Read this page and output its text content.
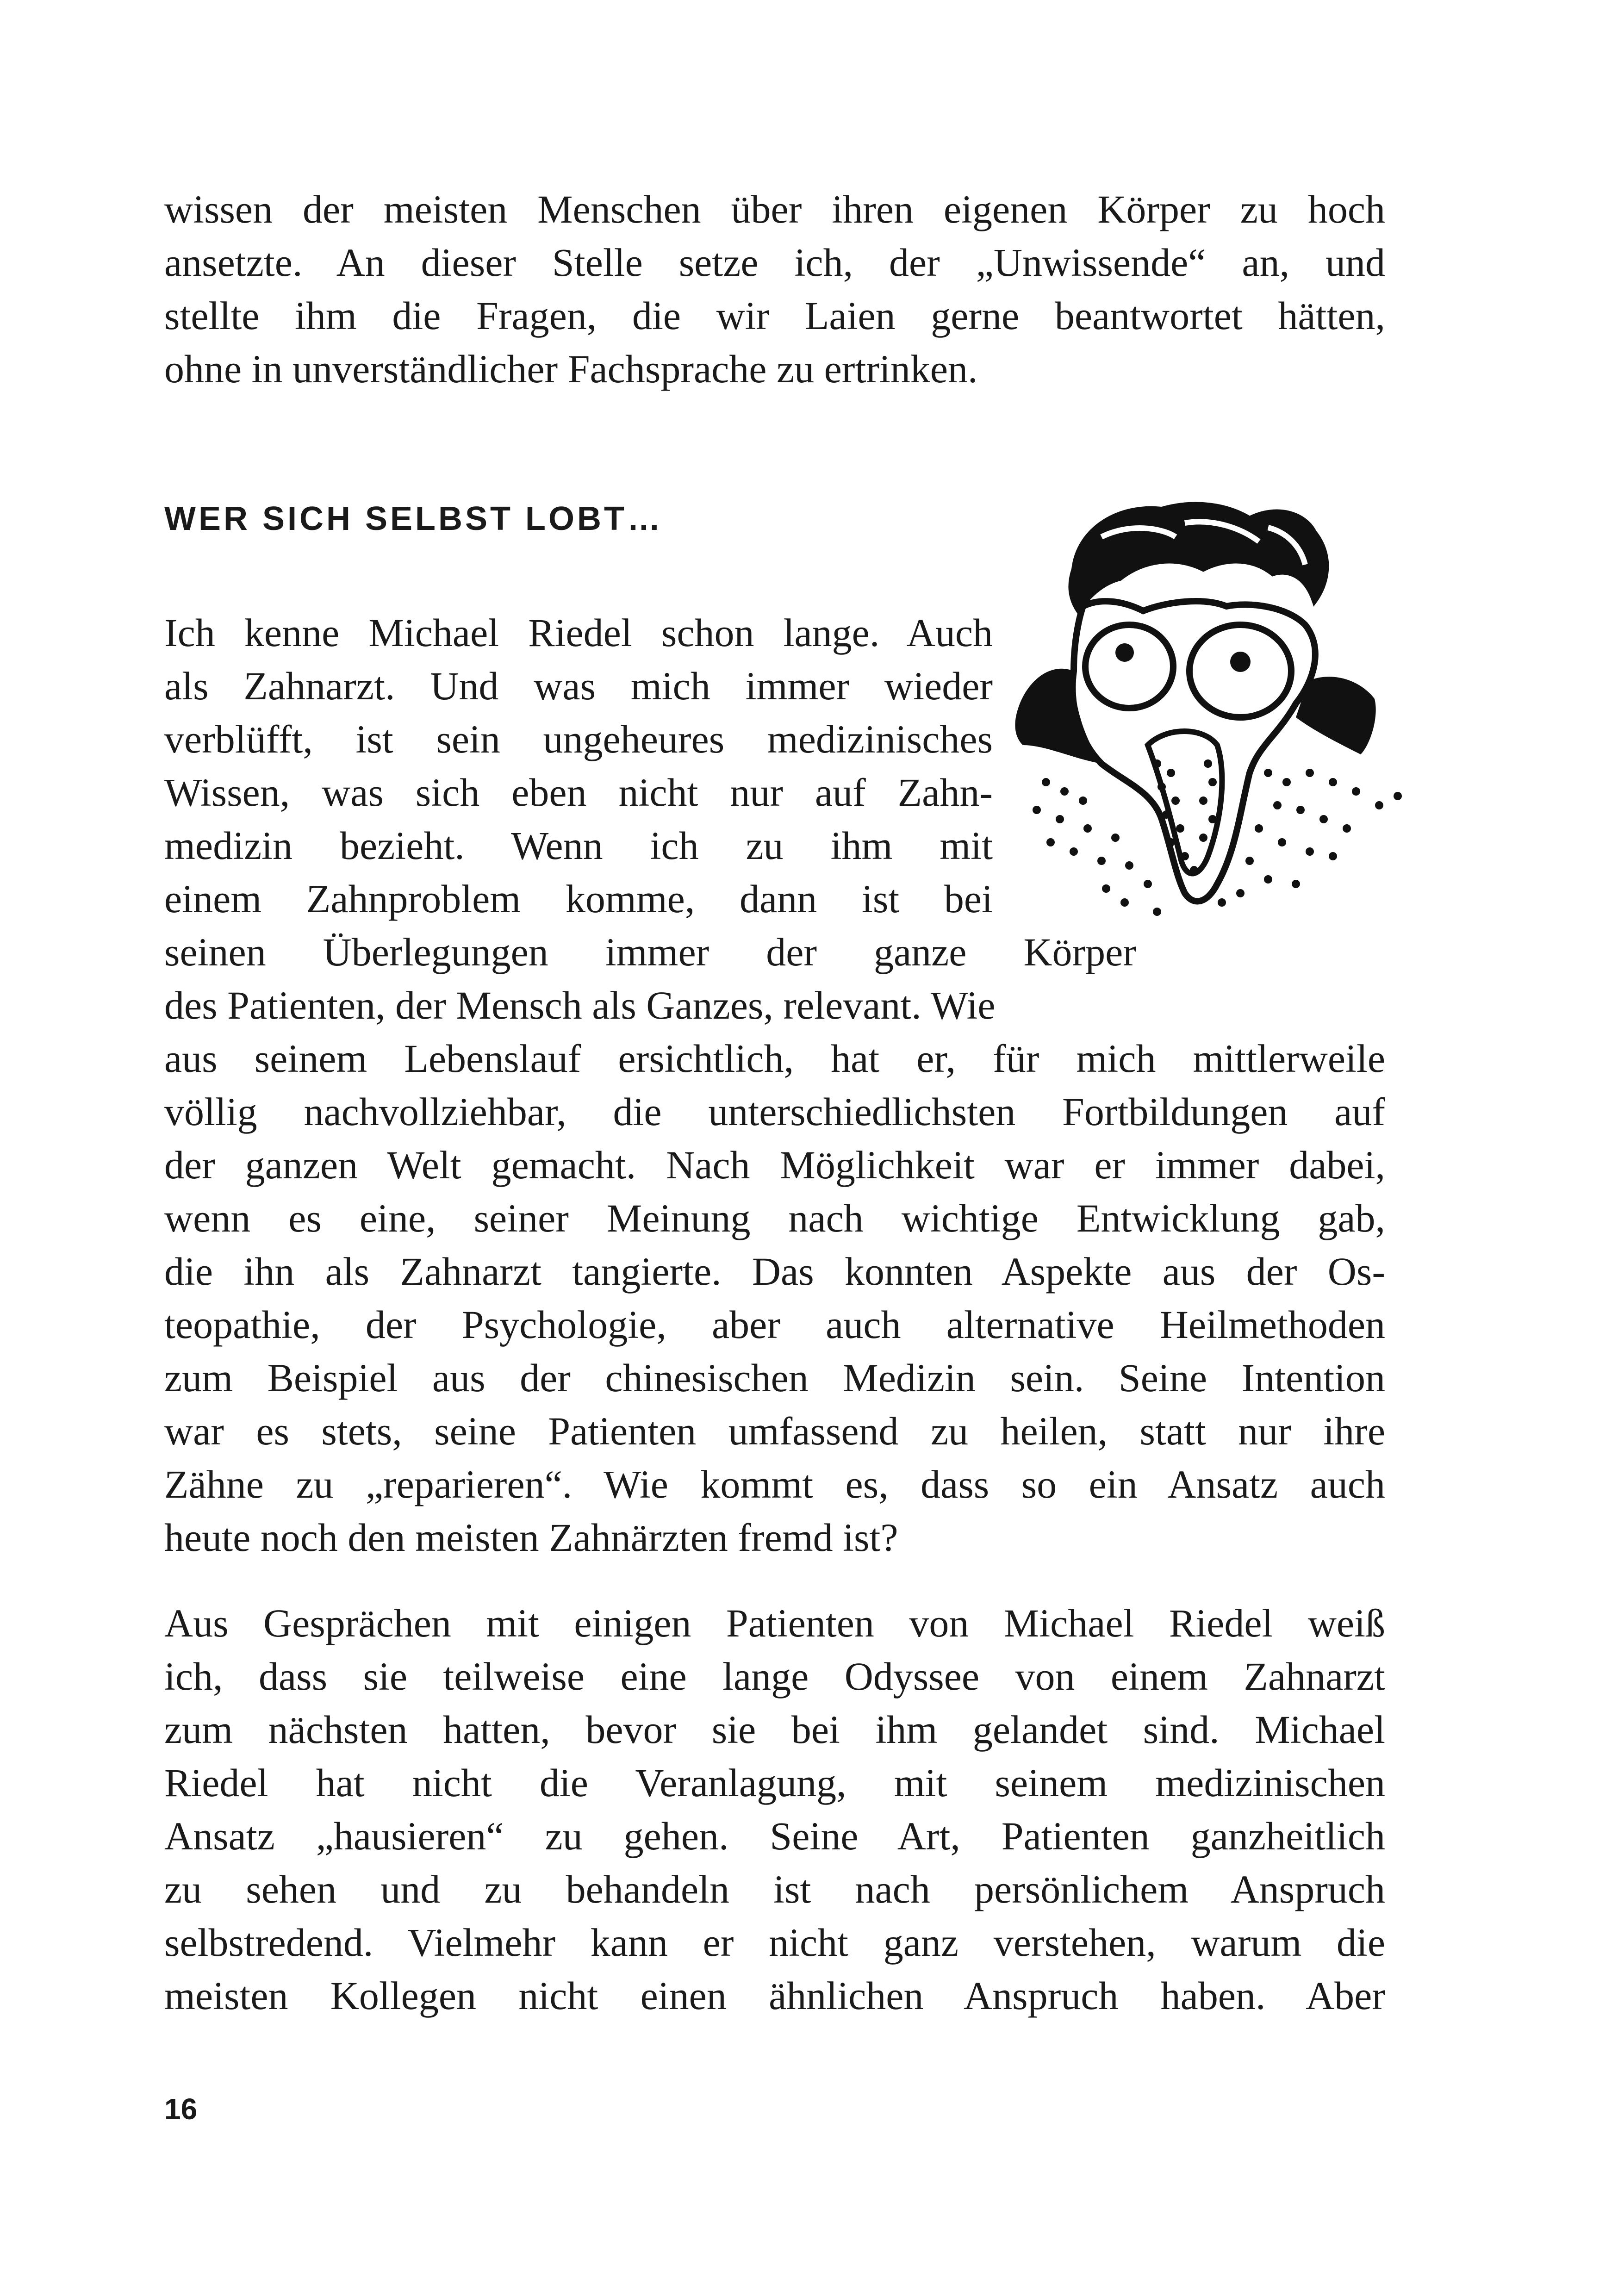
wissen der meisten Menschen über ihren eigenen Körper zu hoch
ansetzte. An dieser Stelle setze ich, der „Unwissende“ an, und
stellte ihm die Fragen, die wir Laien gerne beantwortet hätten,
ohne in unverständlicher Fachsprache zu ertrinken.
WER SICH SELBST LOBT…
Ich kenne Michael Riedel schon lange. Auch
als Zahnarzt. Und was mich immer wieder
verblüfft, ist sein ungeheures medizinisches
Wissen, was sich eben nicht nur auf Zahn-
medizin bezieht. Wenn ich zu ihm mit
einem Zahnproblem komme, dann ist bei
seinen Überlegungen immer der ganze Körper
des Patienten, der Mensch als Ganzes, relevant. Wie
aus seinem Lebenslauf ersichtlich, hat er, für mich mittlerweile
völlig nachvollziehbar, die unterschiedlichsten Fortbildungen auf
der ganzen Welt gemacht. Nach Möglichkeit war er immer dabei,
wenn es eine, seiner Meinung nach wichtige Entwicklung gab,
die ihn als Zahnarzt tangierte. Das konnten Aspekte aus der Os-
teopathie, der Psychologie, aber auch alternative Heilmethoden
zum Beispiel aus der chinesischen Medizin sein. Seine Intention
war es stets, seine Patienten umfassend zu heilen, statt nur ihre
Zähne zu „reparieren“. Wie kommt es, dass so ein Ansatz auch
heute noch den meisten Zahnärzten fremd ist?
Aus Gesprächen mit einigen Patienten von Michael Riedel weiß
ich, dass sie teilweise eine lange Odyssee von einem Zahnarzt
zum nächsten hatten, bevor sie bei ihm gelandet sind. Michael
Riedel hat nicht die Veranlagung, mit seinem medizinischen
Ansatz „hausieren“ zu gehen. Seine Art, Patienten ganzheitlich
zu sehen und zu behandeln ist nach persönlichem Anspruch
selbstredend. Vielmehr kann er nicht ganz verstehen, warum die
meisten Kollegen nicht einen ähnlichen Anspruch haben. Aber
16
